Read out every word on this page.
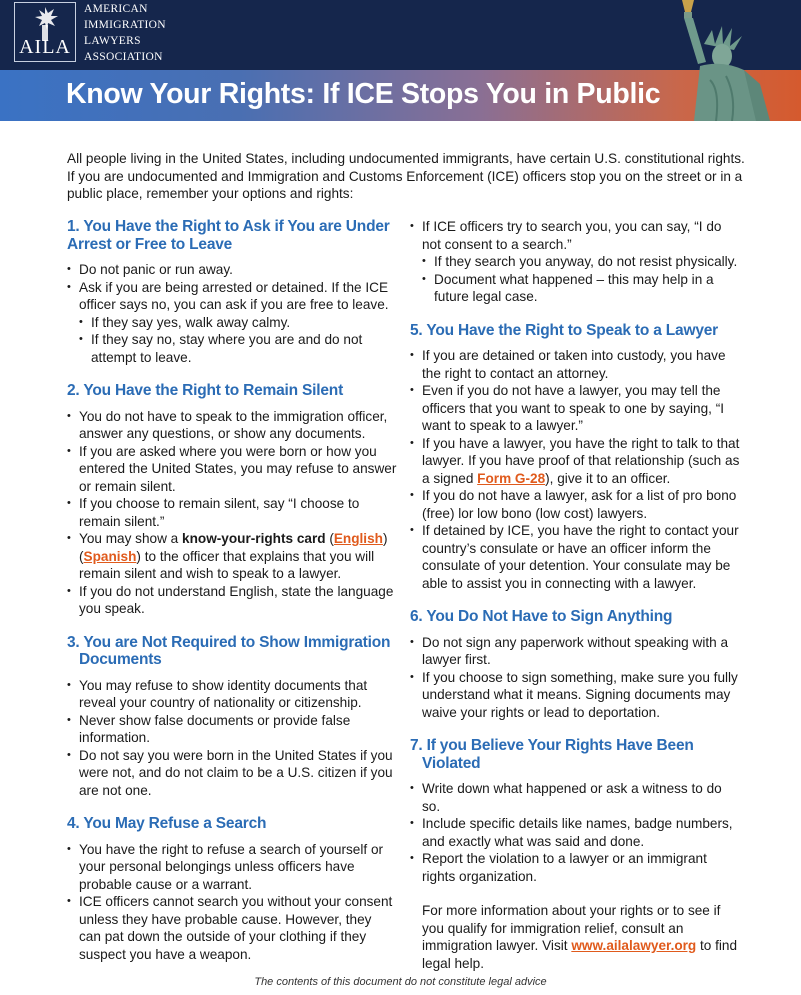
AILA
AMERICAN
IMMIGRATION
LAWYERS
ASSOCIATION
Know Your Rights: If ICE Stops You in Public
All people living in the United States, including undocumented immigrants, have certain U.S. constitutional rights. If you are undocumented and Immigration and Customs Enforcement (ICE) officers stop you on the street or in a public place, remember your options and rights:
1. You Have the Right to Ask if You are Under
Arrest or Free to Leave
• Do not panic or run away.
• Ask if you are being arrested or detained. If the ICE officer says no, you can ask if you are free to leave.
• If they say yes, walk away calmy.
• If they say no, stay where you are and do not attempt to leave.
2. You Have the Right to Remain Silent
• You do not have to speak to the immigration officer, answer any questions, or show any documents.
• If you are asked where you were born or how you entered the United States, you may refuse to answer or remain silent.
• If you choose to remain silent, say “I choose to remain silent.”
• You may show a know-your-rights card (English) (Spanish) to the officer that explains that you will remain silent and wish to speak to a lawyer.
• If you do not understand English, state the language you speak.
3. You are Not Required to Show Immigration
Documents
• You may refuse to show identity documents that reveal your country of nationality or citizenship.
• Never show false documents or provide false information.
• Do not say you were born in the United States if you were not, and do not claim to be a U.S. citizen if you are not one.
4. You May Refuse a Search
• You have the right to refuse a search of yourself or your personal belongings unless officers have probable cause or a warrant.
• ICE officers cannot search you without your consent unless they have probable cause. However, they can pat down the outside of your clothing if they suspect you have a weapon.
• If ICE officers try to search you, you can say, “I do not consent to a search.”
• If they search you anyway, do not resist physically.
• Document what happened – this may help in a future legal case.
5. You Have the Right to Speak to a Lawyer
• If you are detained or taken into custody, you have the right to contact an attorney.
• Even if you do not have a lawyer, you may tell the officers that you want to speak to one by saying, “I want to speak to a lawyer.”
• If you have a lawyer, you have the right to talk to that lawyer. If you have proof of that relationship (such as a signed Form G-28), give it to an officer.
• If you do not have a lawyer, ask for a list of pro bono (free) lor low bono (low cost) lawyers.
• If detained by ICE, you have the right to contact your country’s consulate or have an officer inform the consulate of your detention. Your consulate may be able to assist you in connecting with a lawyer.
6. You Do Not Have to Sign Anything
• Do not sign any paperwork without speaking with a lawyer first.
• If you choose to sign something, make sure you fully understand what it means. Signing documents may waive your rights or lead to deportation.
7. If you Believe Your Rights Have Been
Violated
• Write down what happened or ask a witness to do so.
• Include specific details like names, badge numbers, and exactly what was said and done.
• Report the violation to a lawyer or an immigrant rights organization.
For more information about your rights or to see if you qualify for immigration relief, consult an immigration lawyer. Visit www.ailalawyer.org to find legal help.
The contents of this document do not constitute legal advice
